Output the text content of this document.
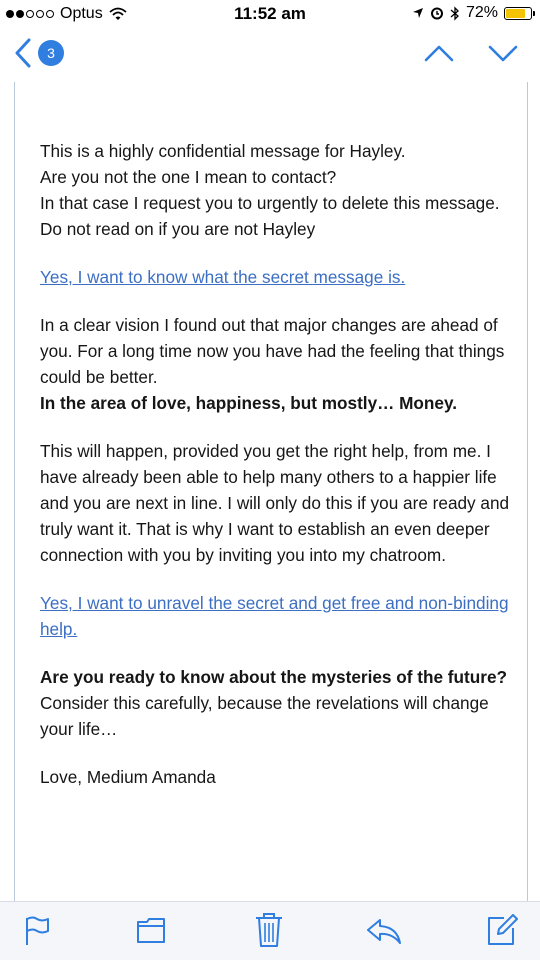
Optus	11:52 am	72%
3

This is a highly confidential message for Hayley.
Are you not the one I mean to contact?
In that case I request you to urgently to delete this message.
Do not read on if you are not Hayley

Yes, I want to know what the secret message is.

In a clear vision I found out that major changes are ahead of you. For a long time now you have had the feeling that things could be better.
In the area of love, happiness, but mostly… Money.

This will happen, provided you get the right help, from me. I have already been able to help many others to a happier life and you are next in line. I will only do this if you are ready and truly want it. That is why I want to establish an even deeper connection with you by inviting you into my chatroom.

Yes, I want to unravel the secret and get free and non-binding help.

Are you ready to know about the mysteries of the future?
Consider this carefully, because the revelations will change your life…

Love, Medium Amanda
